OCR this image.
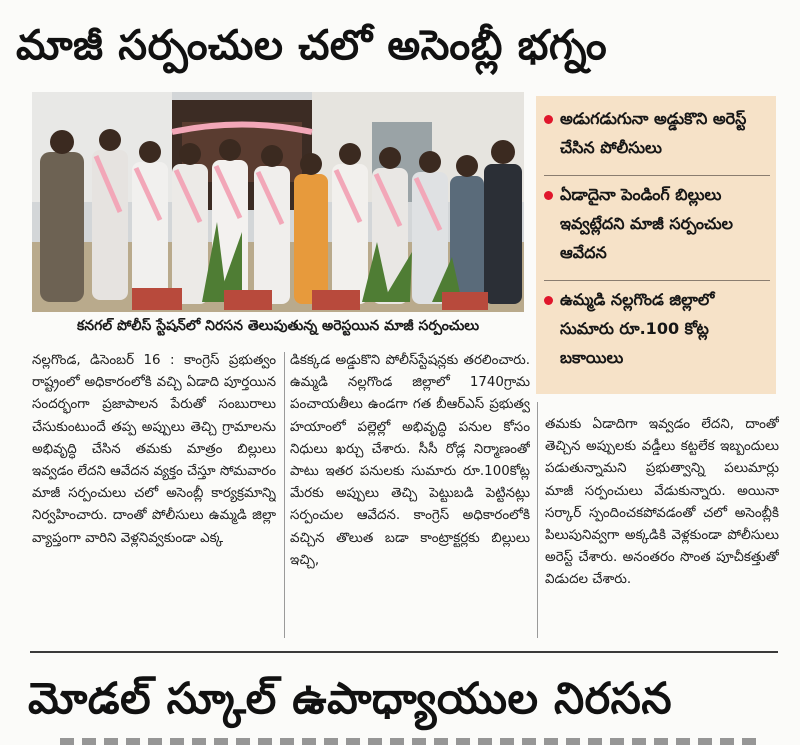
మాజీ సర్పంచుల చలో అసెంబ్లీ భగ్నం
కనగల్ పోలీస్ స్టేషన్‌లో నిరసన తెలుపుతున్న అరెస్టయిన మాజీ సర్పంచులు
అడుగడుగునా అడ్డుకొని అరెస్ట్ చేసిన పోలీసులు
ఏడాదైనా పెండింగ్ బిల్లులు ఇవ్వట్లేదని మాజీ సర్పంచుల ఆవేదన
ఉమ్మడి నల్లగొండ జిల్లాలో సుమారు రూ.100 కోట్ల బకాయిలు

నల్లగొండ, డిసెంబర్ 16 : కాంగ్రెస్ ప్రభుత్వం రాష్ట్రంలో అధికారంలోకి వచ్చి ఏడాది పూర్తయిన సందర్భంగా ప్రజాపాలన పేరుతో సంబురాలు చేసుకుంటుందే తప్ప అప్పులు తెచ్చి గ్రామాలను అభివృద్ధి చేసిన తమకు మాత్రం బిల్లులు ఇవ్వడం లేదని ఆవేదన వ్యక్తం చేస్తూ సోమవారం మాజీ సర్పంచులు చలో అసెంబ్లీ కార్యక్రమాన్ని నిర్వహించారు. దాంతో పోలీసులు ఉమ్మడి జిల్లా వ్యాప్తంగా వారిని వెళ్లనివ్వకుండా ఎక్క

డికక్కడ అడ్డుకొని పోలీస్‌స్టేషన్లకు తరలించారు. ఉమ్మడి నల్లగొండ జిల్లాలో 1740గ్రామ పంచాయతీలు ఉండగా గత బీఆర్ఎస్ ప్రభుత్వ హయాంలో పల్లెల్లో అభివృద్ధి పనుల కోసం నిధులు ఖర్చు చేశారు. సీసీ రోడ్ల నిర్మాణంతో పాటు ఇతర పనులకు సుమారు రూ.100కోట్ల మేరకు అప్పులు తెచ్చి పెట్టుబడి పెట్టినట్లు సర్పంచుల ఆవేదన. కాంగ్రెస్ అధికారంలోకి వచ్చిన తొలుత బడా కాంట్రాక్టర్లకు బిల్లులు ఇచ్చి,

తమకు ఏడాదిగా ఇవ్వడం లేదని, దాంతో తెచ్చిన అప్పులకు వడ్డీలు కట్టలేక ఇబ్బందులు పడుతున్నామని ప్రభుత్వాన్ని పలుమార్లు మాజీ సర్పంచులు వేడుకున్నారు. అయినా సర్కార్ స్పందించకపోవడంతో చలో అసెంబ్లీకి పిలుపునివ్వగా అక్కడికి వెళ్లకుండా పోలీసులు అరెస్ట్ చేశారు. అనంతరం సొంత పూచీకత్తుతో విడుదల చేశారు.

మోడల్ స్కూల్ ఉపాధ్యాయుల నిరసన
